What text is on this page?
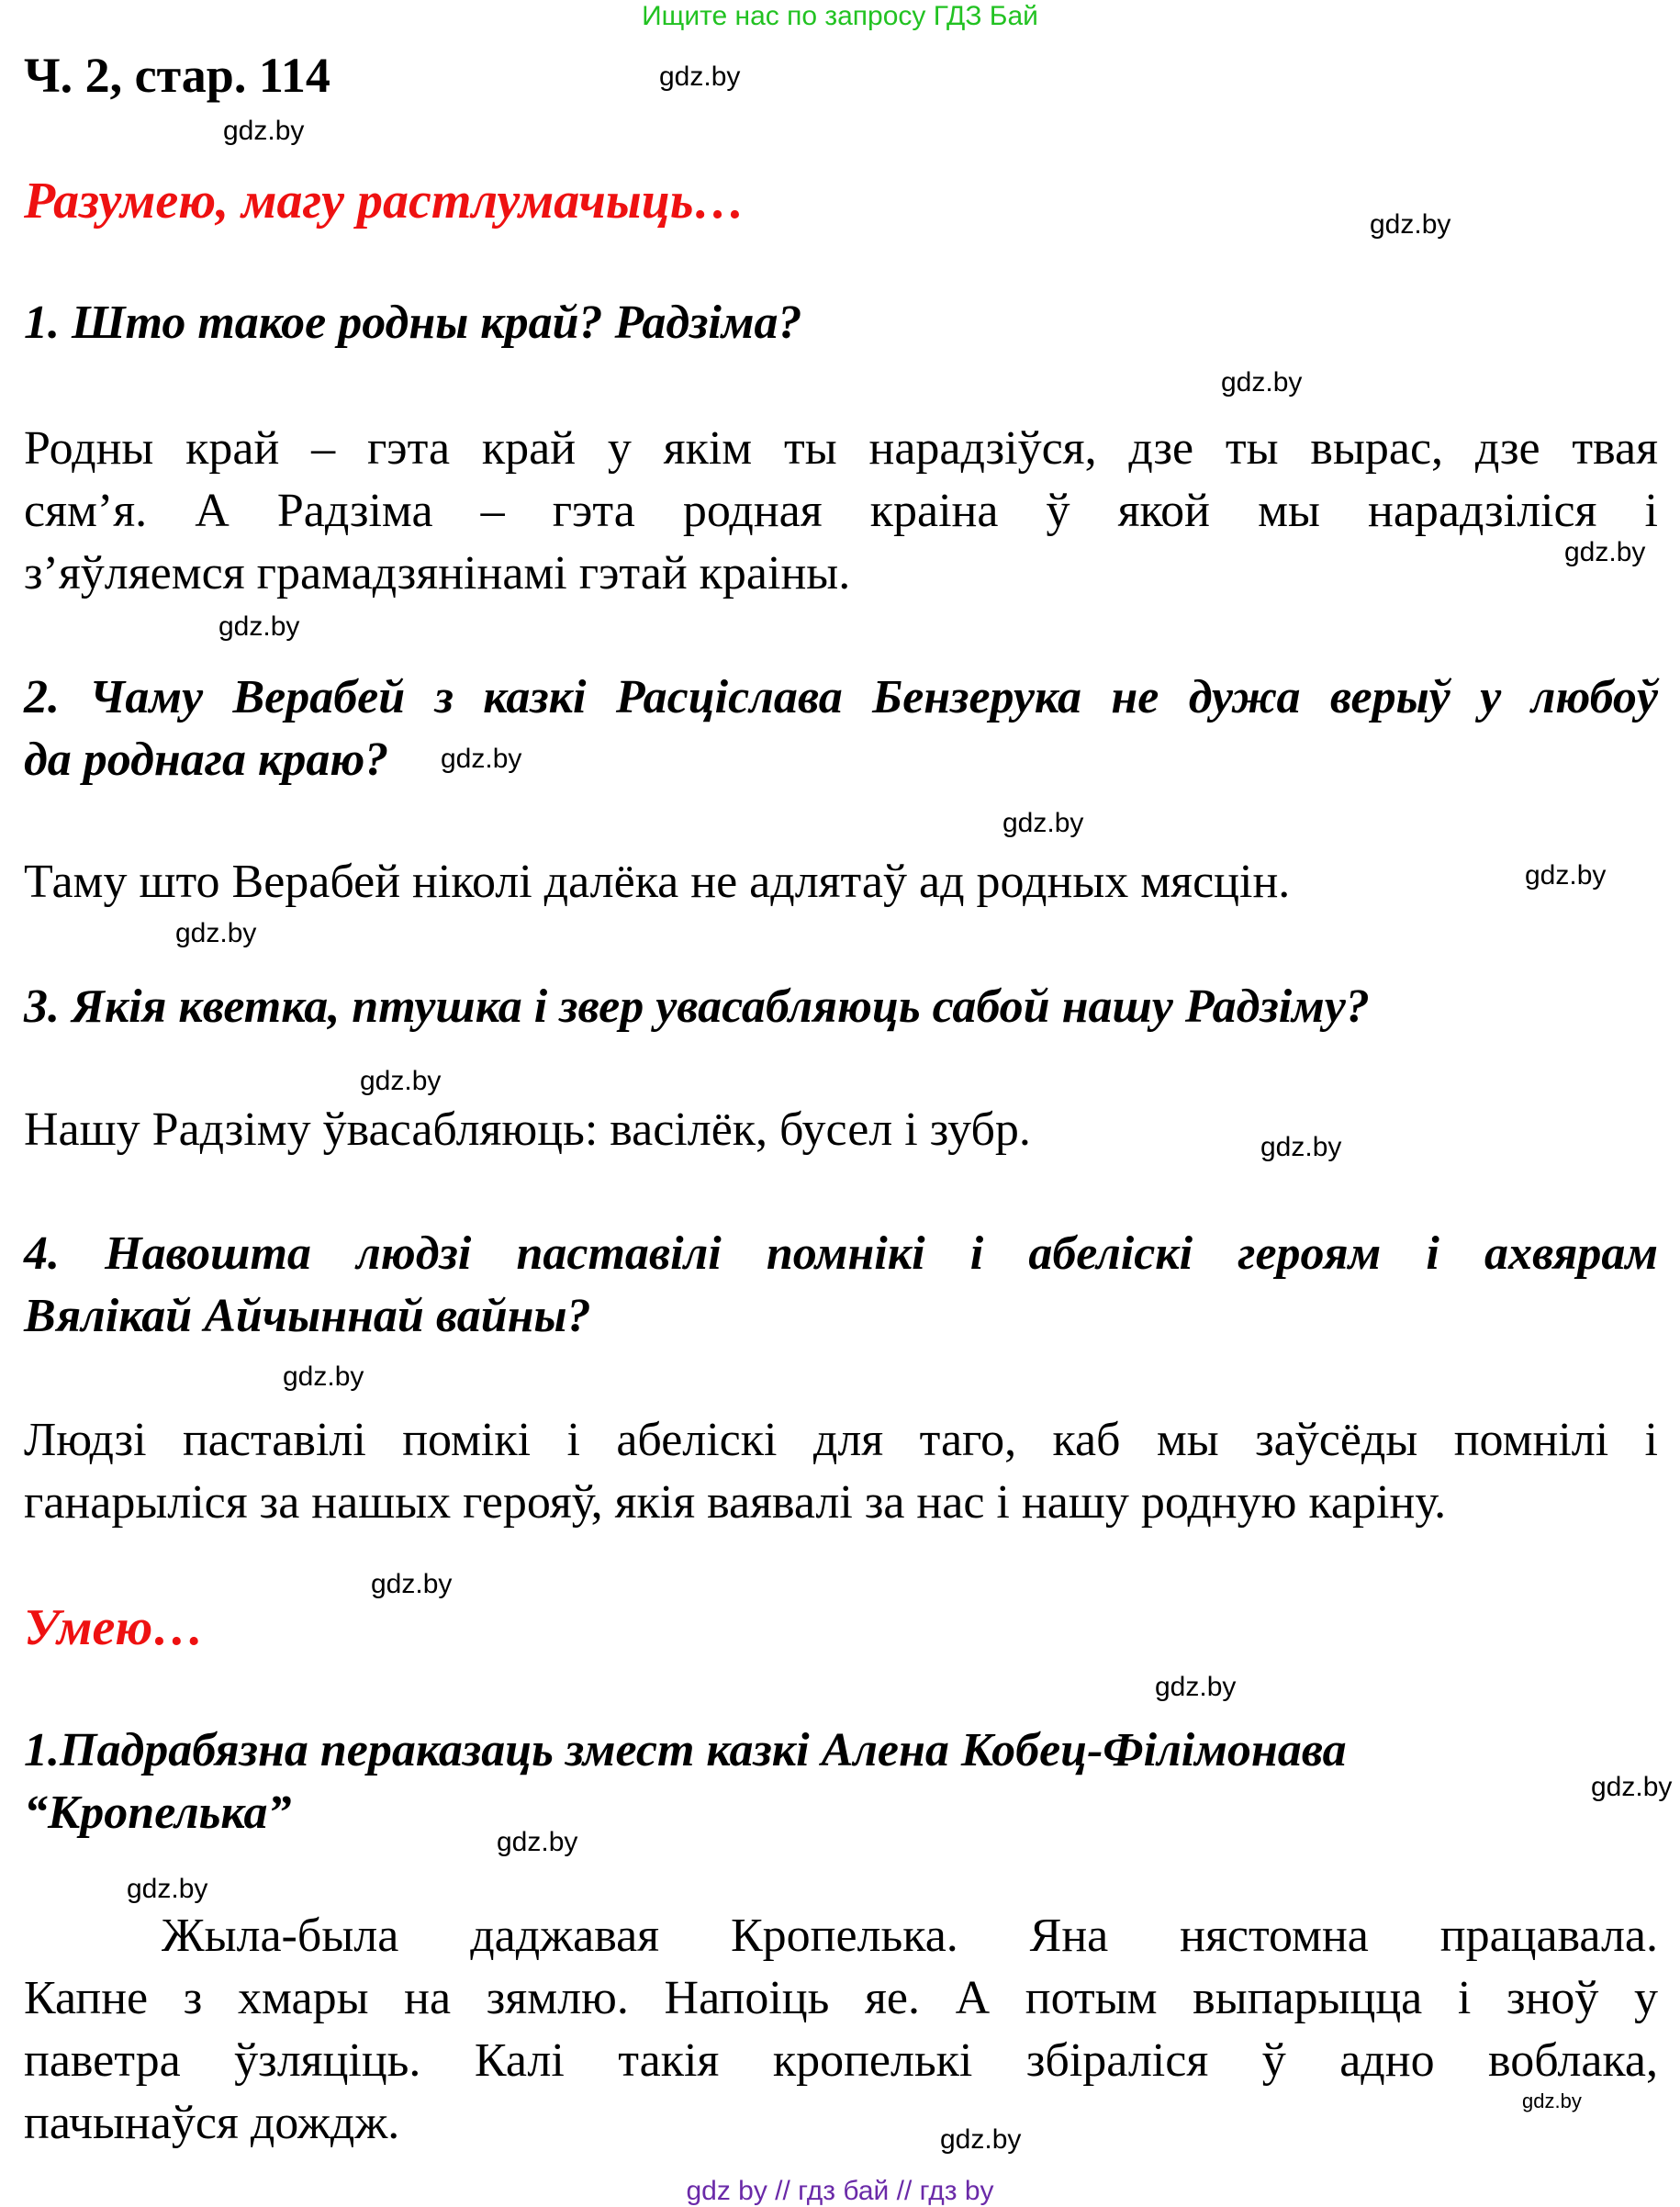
Ищите нас по запросу ГДЗ Бай
Ч. 2, стар. 114
Разумею, магу растлумачыць…
1. Што такое родны край? Радзіма?
Родны край – гэта край у якім ты нарадзіўся, дзе ты вырас, дзе твая
сям’я. А Радзіма – гэта родная краіна ў якой мы нарадзіліся і
з’яўляемся грамадзянінамі гэтай краіны.
2. Чаму Верабей з казкі Расціслава Бензерука не дужа верыў у любоў
да роднага краю?
Таму што Верабей ніколі далёка не адлятаў ад родных мясцін.
3. Якія кветка, птушка і звер увасабляюць сабой нашу Радзіму?
Нашу Радзіму ўвасабляюць: васілёк, бусел і зубр.
4. Навошта людзі паставілі помнікі і абеліскі героям і ахвярам
Вялікай Айчыннай вайны?
Людзі паставілі помікі і абеліскі для таго, каб мы заўсёды помнілі і
ганарыліся за нашых герояў, якія ваявалі за нас і нашу родную каріну.
Умею…
1.Падрабязна пераказаць змест казкі Алена Кобец-Філімонава
“Кропелька”
Жыла-была даджавая Кропелька. Яна нястомна працавала.
Капне з хмары на зямлю. Напоіць яе. А потым выпарыцца і зноў у
паветра ўзляціць. Калі такія кропелькі збіраліся ў адно воблака,
пачынаўся дождж.
gdz.by
gdz.by
gdz.by
gdz.by
gdz.by
gdz.by
gdz.by
gdz.by
gdz.by
gdz.by
gdz.by
gdz.by
gdz.by
gdz.by
gdz.by
gdz.by
gdz.by
gdz.by
gdz.by
gdz.by
gdz by // гдз бай // гдз by
